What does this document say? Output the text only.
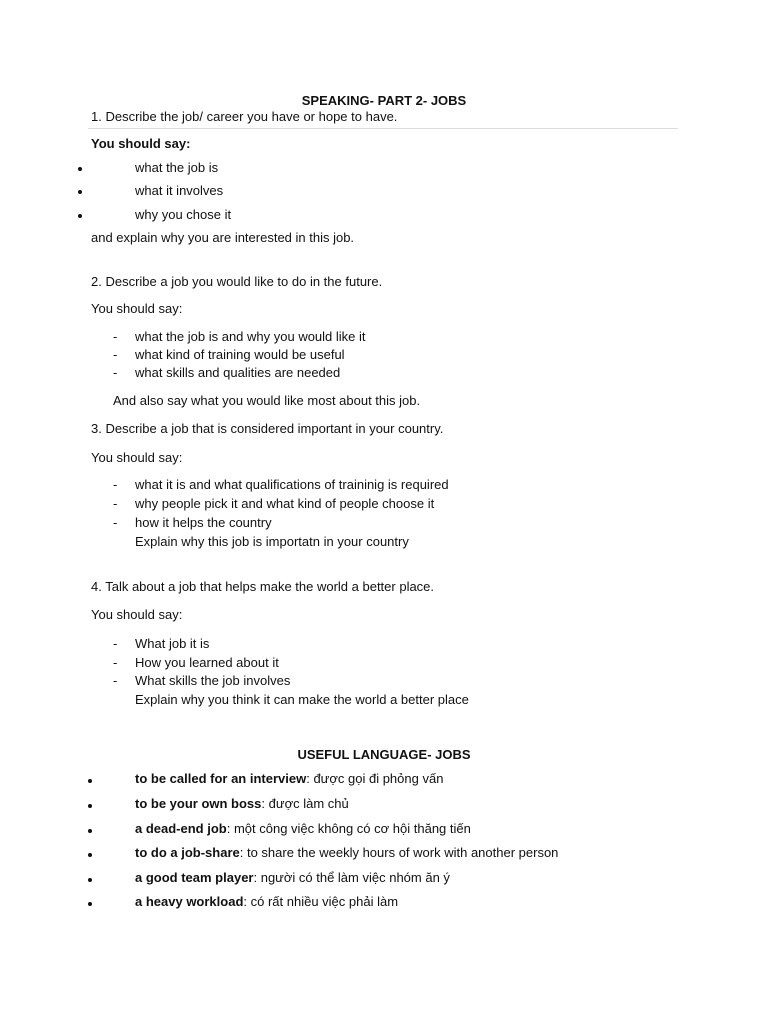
SPEAKING- PART 2- JOBS
1. Describe the job/ career you have or hope to have.
You should say:
what the job is
what it involves
why you chose it
and explain why you are interested in this job.
2. Describe a job you would like to do in the future.
You should say:
- what the job is and why you would like it
- what kind of training would be useful
- what skills and qualities are needed
And also say what you would like most about this job.
3. Describe a job that is considered important in your country.
You should say:
- what it is and what qualifications of traininig is required
- why people pick it and what kind of people choose it
- how it helps the country
Explain why this job is importatn in your country
4. Talk about a job that helps make the world a better place.
You should say:
- What job it is
- How you learned about it
- What skills the job involves
Explain why you think it can make the world a better place
USEFUL LANGUAGE- JOBS
to be called for an interview: được gọi đi phỏng vấn
to be your own boss: được làm chủ
a dead-end job: một công việc không có cơ hội thăng tiến
to do a job-share: to share the weekly hours of work with another person
a good team player: người có thể làm việc nhóm ăn ý
a heavy workload: có rất nhiều việc phải làm
